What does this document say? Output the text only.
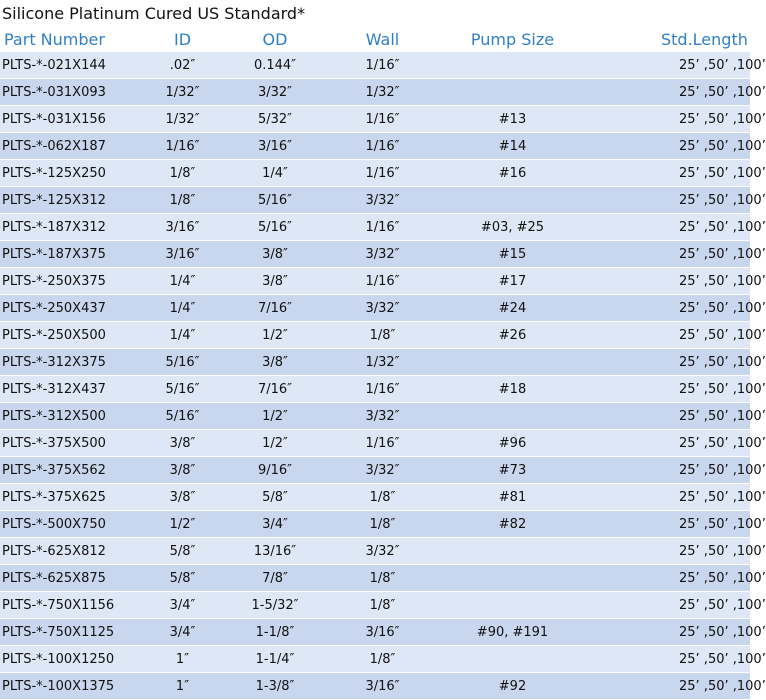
Silicone Platinum Cured US Standard*
Part Number	ID	OD	Wall	Pump Size	Std.Length
PLTS-*-021X144	.02″	0.144″	1/16″		25’ ,50’ ,100’
PLTS-*-031X093	1/32″	3/32″	1/32″		25’ ,50’ ,100’
PLTS-*-031X156	1/32″	5/32″	1/16″	#13	25’ ,50’ ,100’
PLTS-*-062X187	1/16″	3/16″	1/16″	#14	25’ ,50’ ,100’
PLTS-*-125X250	1/8″	1/4″	1/16″	#16	25’ ,50’ ,100’
PLTS-*-125X312	1/8″	5/16″	3/32″		25’ ,50’ ,100’
PLTS-*-187X312	3/16″	5/16″	1/16″	#03, #25	25’ ,50’ ,100’
PLTS-*-187X375	3/16″	3/8″	3/32″	#15	25’ ,50’ ,100’
PLTS-*-250X375	1/4″	3/8″	1/16″	#17	25’ ,50’ ,100’
PLTS-*-250X437	1/4″	7/16″	3/32″	#24	25’ ,50’ ,100’
PLTS-*-250X500	1/4″	1/2″	1/8″	#26	25’ ,50’ ,100’
PLTS-*-312X375	5/16″	3/8″	1/32″		25’ ,50’ ,100’
PLTS-*-312X437	5/16″	7/16″	1/16″	#18	25’ ,50’ ,100’
PLTS-*-312X500	5/16″	1/2″	3/32″		25’ ,50’ ,100’
PLTS-*-375X500	3/8″	1/2″	1/16″	#96	25’ ,50’ ,100’
PLTS-*-375X562	3/8″	9/16″	3/32″	#73	25’ ,50’ ,100’
PLTS-*-375X625	3/8″	5/8″	1/8″	#81	25’ ,50’ ,100’
PLTS-*-500X750	1/2″	3/4″	1/8″	#82	25’ ,50’ ,100’
PLTS-*-625X812	5/8″	13/16″	3/32″		25’ ,50’ ,100’
PLTS-*-625X875	5/8″	7/8″	1/8″		25’ ,50’ ,100’
PLTS-*-750X1156	3/4″	1-5/32″	1/8″		25’ ,50’ ,100’
PLTS-*-750X1125	3/4″	1-1/8″	3/16″	#90, #191	25’ ,50’ ,100’
PLTS-*-100X1250	1″	1-1/4″	1/8″		25’ ,50’ ,100’
PLTS-*-100X1375	1″	1-3/8″	3/16″	#92	25’ ,50’ ,100’
